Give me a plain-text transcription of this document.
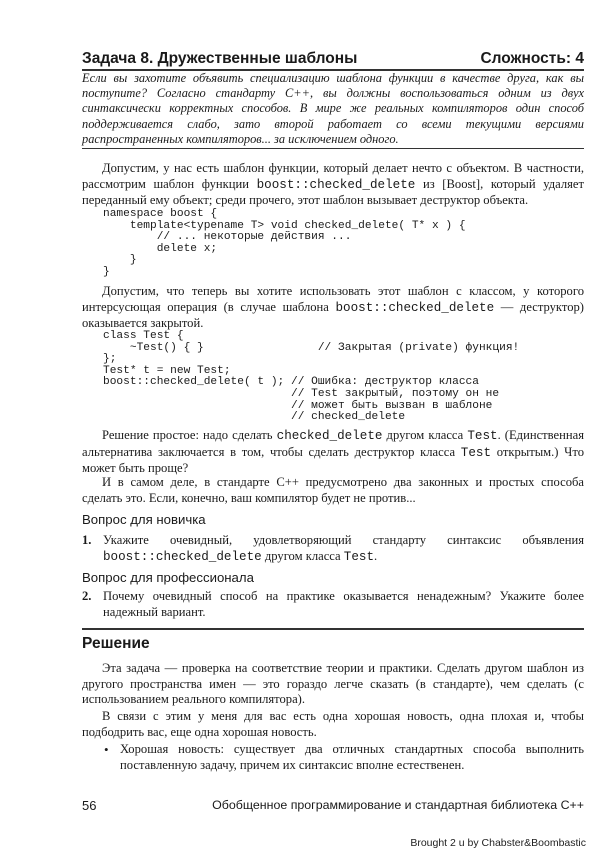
Задача 8. Дружественные шаблоны	Сложность: 4
Если вы захотите объявить специализацию шаблона функции в качестве друга, как вы поступите? Согласно стандарту C++, вы должны воспользоваться одним из двух синтаксически корректных способов. В мире же реальных компиляторов один способ поддерживается слабо, зато второй работает со всеми текущими версиями распространенных компиляторов... за исключением одного.
Допустим, у нас есть шаблон функции, который делает нечто с объектом. В частности, рассмотрим шаблон функции boost::checked_delete из [Boost], который удаляет переданный ему объект; среди прочего, этот шаблон вызывает деструктор объекта.
namespace boost {
template<typename T> void checked_delete( T* x ) {
// ... некоторые действия ...
delete x;
}
}
Допустим, что теперь вы хотите использовать этот шаблон с классом, у которого интерсусющая операция (в случае шаблона boost::checked_delete — деструктор) оказывается закрытой.
class Test {
~Test() { }                 // Закрытая (private) функция!
};
Test* t = new Test;
boost::checked_delete( t ); // Ошибка: деструктор класса
// Test закрытый, поэтому он не
// может быть вызван в шаблоне
// checked_delete
Решение простое: надо сделать checked_delete другом класса Test. (Единственная альтернатива заключается в том, чтобы сделать деструктор класса Test открытым.) Что может быть проще?
И в самом деле, в стандарте C++ предусмотрено два законных и простых способа сделать это. Если, конечно, ваш компилятор будет не против...
Вопрос для новичка
1. Укажите очевидный, удовлетворяющий стандарту синтаксис объявления boost::checked_delete другом класса Test.
Вопрос для профессионала
2. Почему очевидный способ на практике оказывается ненадежным? Укажите более надежный вариант.
Решение
Эта задача — проверка на соответствие теории и практики. Сделать другом шаблон из другого пространства имен — это гораздо легче сказать (в стандарте), чем сделать (с использованием реального компилятора).
В связи с этим у меня для вас есть одна хорошая новость, одна плохая и, чтобы подбодрить вас, еще одна хорошая новость.
• Хорошая новость: существует два отличных стандартных способа выполнить поставленную задачу, причем их синтаксис вполне естественен.
56	Обобщенное программирование и стандартная библиотека C++
Brought 2 u by Chabster&Boombastic
